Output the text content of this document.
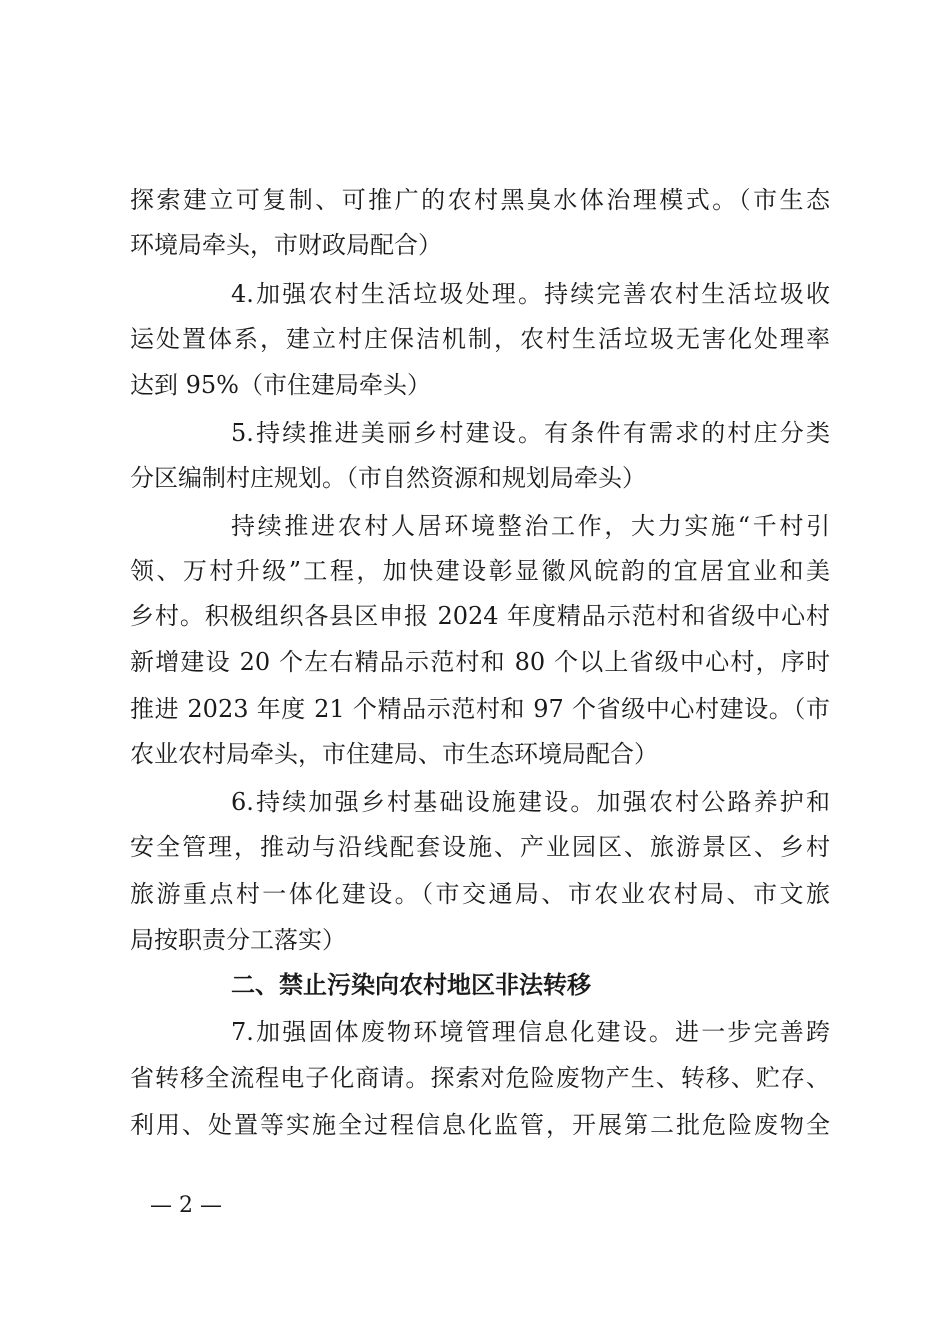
探索建立可复制、可推广的农村黑臭水体治理模式。（市生态
环境局牵头，市财政局配合）
4.加强农村生活垃圾处理。持续完善农村生活垃圾收
运处置体系，建立村庄保洁机制，农村生活垃圾无害化处理率
达到 95%（市住建局牵头）
5.持续推进美丽乡村建设。有条件有需求的村庄分类
分区编制村庄规划。（市自然资源和规划局牵头）
持续推进农村人居环境整治工作，大力实施“千村引
领、万村升级”工程，加快建设彰显徽风皖韵的宜居宜业和美
乡村。积极组织各县区申报 2024 年度精品示范村和省级中心村
新增建设 20 个左右精品示范村和 80 个以上省级中心村，序时
推进 2023 年度 21 个精品示范村和 97 个省级中心村建设。（市
农业农村局牵头，市住建局、市生态环境局配合）
6.持续加强乡村基础设施建设。加强农村公路养护和
安全管理，推动与沿线配套设施、产业园区、旅游景区、乡村
旅游重点村一体化建设。（市交通局、市农业农村局、市文旅
局按职责分工落实）
二、禁止污染向农村地区非法转移
7.加强固体废物环境管理信息化建设。进一步完善跨
省转移全流程电子化商请。探索对危险废物产生、转移、贮存、
利用、处置等实施全过程信息化监管，开展第二批危险废物全
— 2 —
